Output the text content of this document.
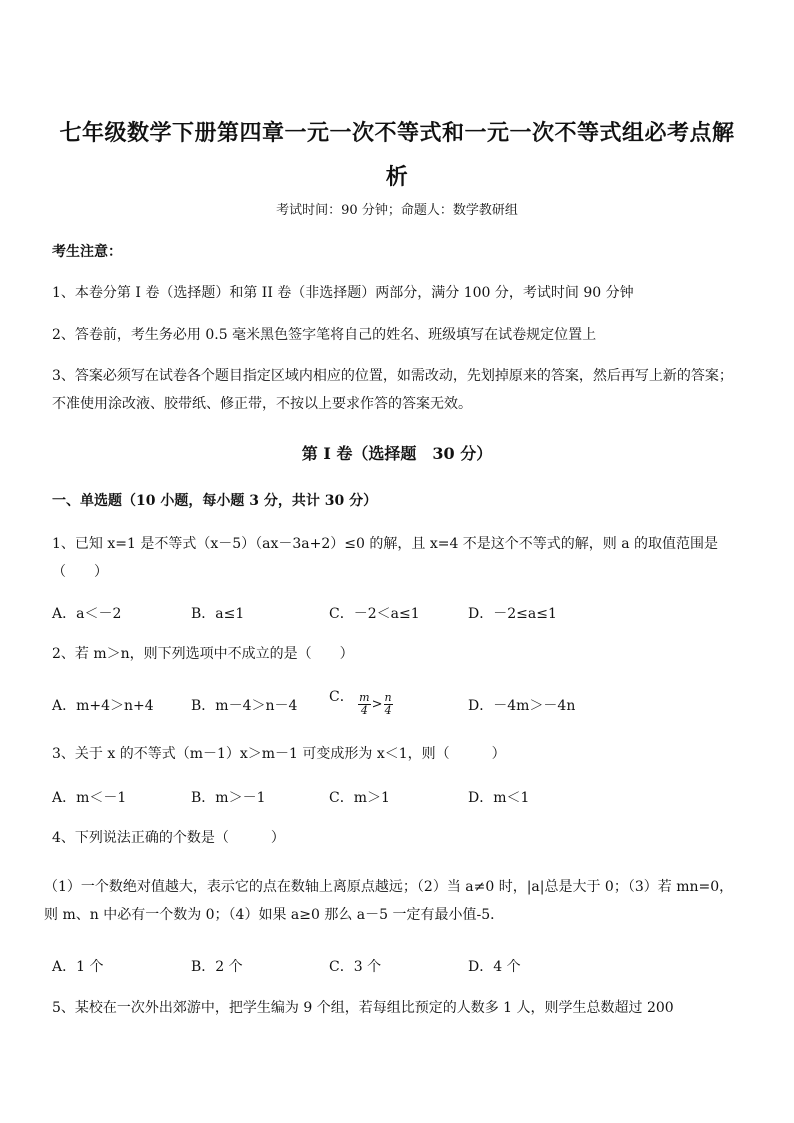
七年级数学下册第四章一元一次不等式和一元一次不等式组必考点解析
考试时间：90 分钟；命题人：数学教研组
考生注意：
1、本卷分第 I 卷（选择题）和第 II 卷（非选择题）两部分，满分 100 分，考试时间 90 分钟
2、答卷前，考生务必用 0.5 毫米黑色签字笔将自己的姓名、班级填写在试卷规定位置上
3、答案必须写在试卷各个题目指定区域内相应的位置，如需改动，先划掉原来的答案，然后再写上新的答案；不准使用涂改液、胶带纸、修正带，不按以上要求作答的答案无效。
第 I 卷（选择题　30 分）
一、单选题（10 小题，每小题 3 分，共计 30 分）
1、已知 x=1 是不等式（x－5）（ax－3a+2）≤0 的解，且 x=4 不是这个不等式的解，则 a 的取值范围是（　　）
A．a＜－2	B．a≤1	C．－2＜a≤1	D．－2≤a≤1
2、若 m＞n，则下列选项中不成立的是（　　）
A．m+4＞n+4	B．m－4＞n－4
C． $\frac{m}{4} > \frac{n}{4}$	D．－4m＞－4n
3、关于 x 的不等式（m－1）x＞m－1 可变成形为 x＜1，则（　　　）
A．m＜－1	B．m＞－1	C．m＞1	D．m＜1
4、下列说法正确的个数是（　　　）
（1）一个数绝对值越大，表示它的点在数轴上离原点越远；（2）当 a≠0 时，|a|总是大于 0；（3）若 mn=0，则 m、n 中必有一个数为 0；（4）如果 a≥0 那么 a－5 一定有最小值-5．
A．1 个	B．2 个	C．3 个	D．4 个
5、某校在一次外出郊游中，把学生编为 9 个组，若每组比预定的人数多 1 人，则学生总数超过 200
